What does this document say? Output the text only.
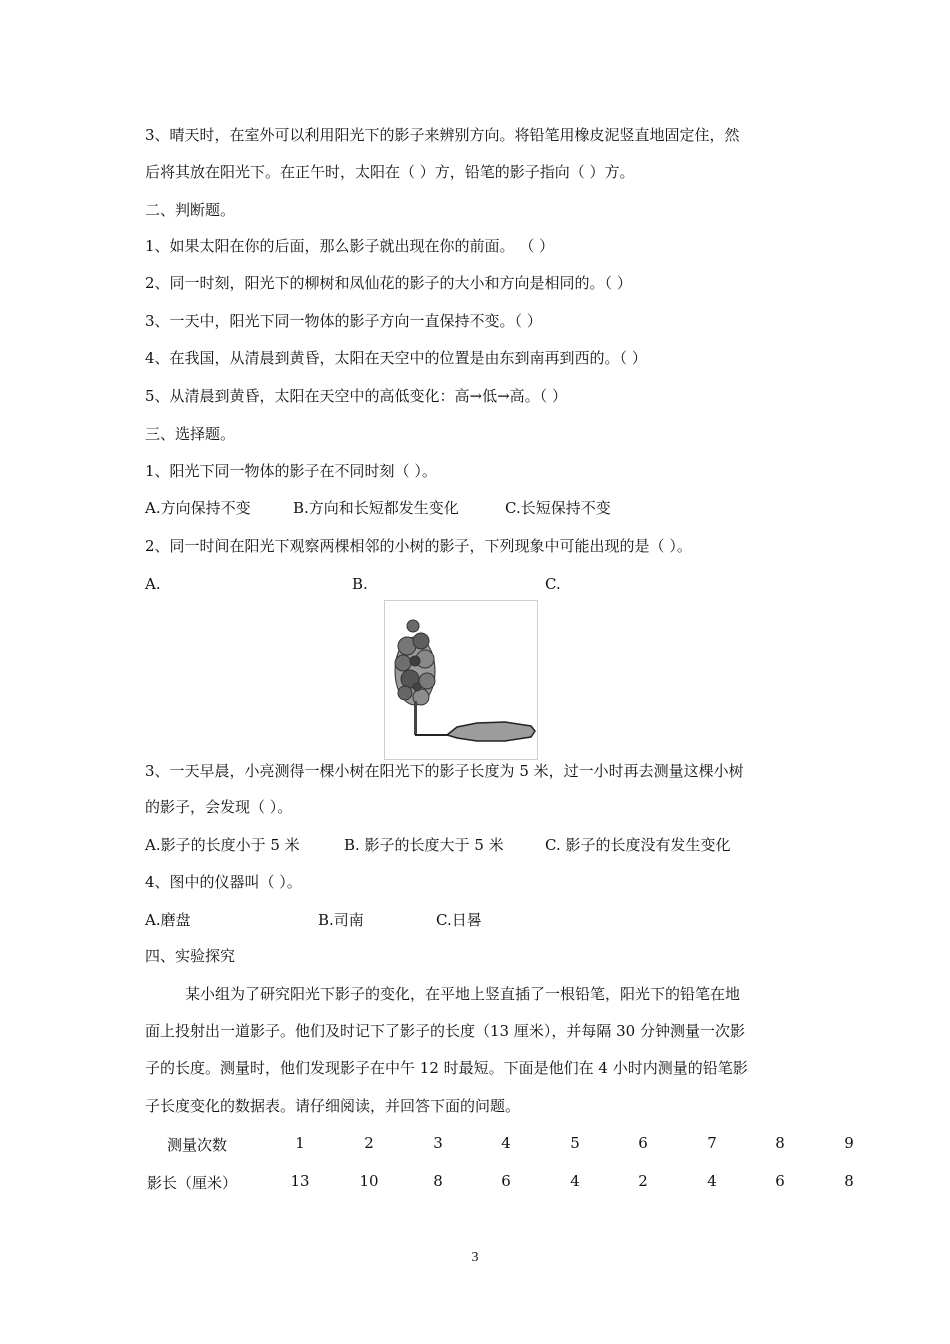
3、晴天时，在室外可以利用阳光下的影子来辨别方向。将铅笔用橡皮泥竖直地固定住，然
后将其放在阳光下。在正午时，太阳在（ ）方，铅笔的影子指向（ ）方。
二、判断题。
1、如果太阳在你的后面，那么影子就出现在你的前面。 （ ）
2、同一时刻，阳光下的柳树和凤仙花的影子的大小和方向是相同的。（ ）
3、一天中，阳光下同一物体的影子方向一直保持不变。（ ）
4、在我国，从清晨到黄昏，太阳在天空中的位置是由东到南再到西的。（ ）
5、从清晨到黄昏，太阳在天空中的高低变化：高→低→高。（ ）
三、选择题。
1、阳光下同一物体的影子在不同时刻（ ）。
A.方向保持不变	B.方向和长短都发生变化	C.长短保持不变
2、同一时间在阳光下观察两棵相邻的小树的影子，下列现象中可能出现的是（ ）。
A.	B.	C.
3、一天早晨，小亮测得一棵小树在阳光下的影子长度为 5 米，过一小时再去测量这棵小树
的影子，会发现（ ）。
A.影子的长度小于 5 米	B. 影子的长度大于 5 米	C. 影子的长度没有发生变化
4、图中的仪器叫（ ）。
A.磨盘	B.司南	C.日晷
四、实验探究
某小组为了研究阳光下影子的变化，在平地上竖直插了一根铅笔，阳光下的铅笔在地
面上投射出一道影子。他们及时记下了影子的长度（13 厘米），并每隔 30 分钟测量一次影
子的长度。测量时，他们发现影子在中午 12 时最短。下面是他们在 4 小时内测量的铅笔影
子长度变化的数据表。请仔细阅读，并回答下面的问题。
测量次数	1	2	3	4	5	6	7	8	9
影长（厘米）	13	10	8	6	4	2	4	6	8
3
